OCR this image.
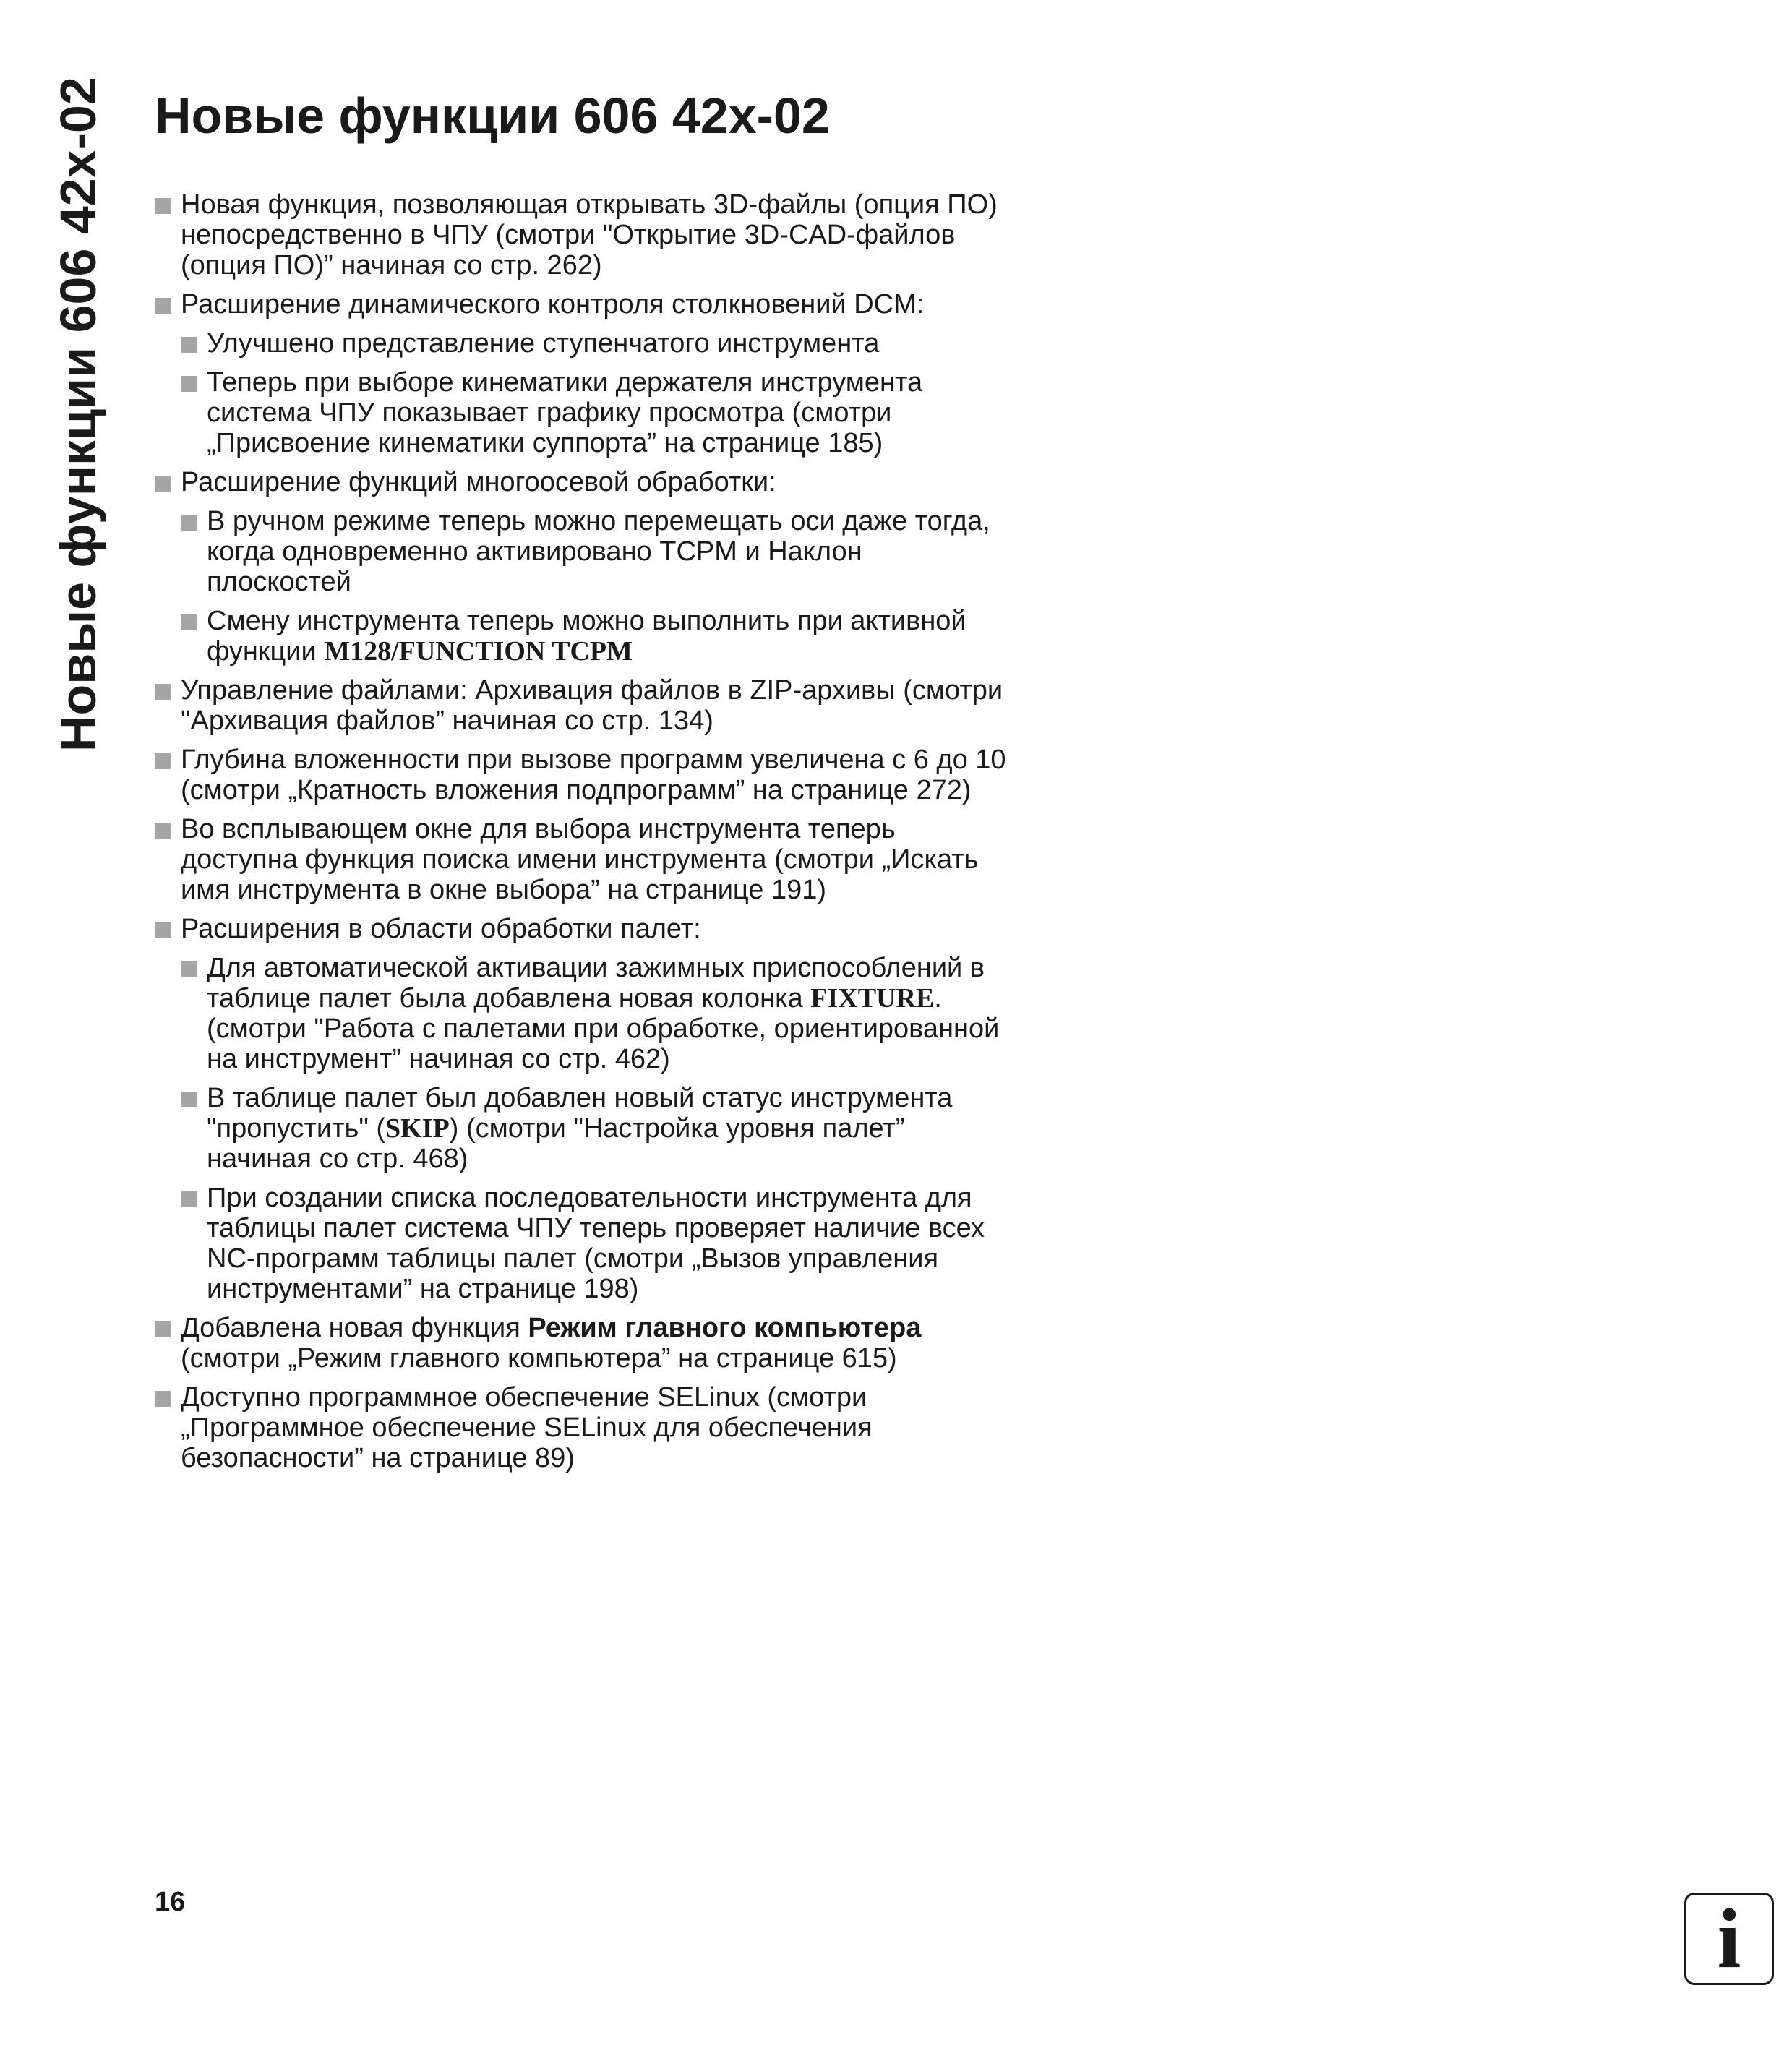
Новые функции 606 42x-02 Новые функции 606 42x-02
Новая функция, позволяющая открывать 3D-файлы (опция ПО) непосредственно в ЧПУ (смотри "Открытие 3D-CAD-файлов (опция ПО)” начиная со стр. 262)
Расширение динамического контроля столкновений DCM:
Улучшено представление ступенчатого инструмента
Теперь при выборе кинематики держателя инструмента система ЧПУ показывает графику просмотра (смотри „Присвоение кинематики суппорта” на странице 185)
Расширение функций многоосевой обработки:
В ручном режиме теперь можно перемещать оси даже тогда, когда одновременно активировано TCPM и Наклон плоскостей
Смену инструмента теперь можно выполнить при активной функции M128/FUNCTION TCPM
Управление файлами: Архивация файлов в ZIP-архивы (смотри "Архивация файлов” начиная со стр. 134)
Глубина вложенности при вызове программ увеличена с 6 до 10 (смотри „Кратность вложения подпрограмм” на странице 272)
Во всплывающем окне для выбора инструмента теперь доступна функция поиска имени инструмента (смотри „Искать имя инструмента в окне выбора” на странице 191)
Расширения в области обработки палет:
Для автоматической активации зажимных приспособлений в таблице палет была добавлена новая колонка FIXTURE. (смотри "Работа с палетами при обработке, ориентированной на инструмент” начиная со стр. 462)
В таблице палет был добавлен новый статус инструмента "пропустить" (SKIP) (смотри "Настройка уровня палет” начиная со стр. 468)
При создании списка последовательности инструмента для таблицы палет система ЧПУ теперь проверяет наличие всех NC-программ таблицы палет (смотри „Вызов управления инструментами” на странице 198)
Добавлена новая функция Режим главного компьютера (смотри „Режим главного компьютера” на странице 615)
Доступно программное обеспечение SELinux (смотри „Программное обеспечение SELinux для обеспечения безопасности” на странице 89)
16	i
